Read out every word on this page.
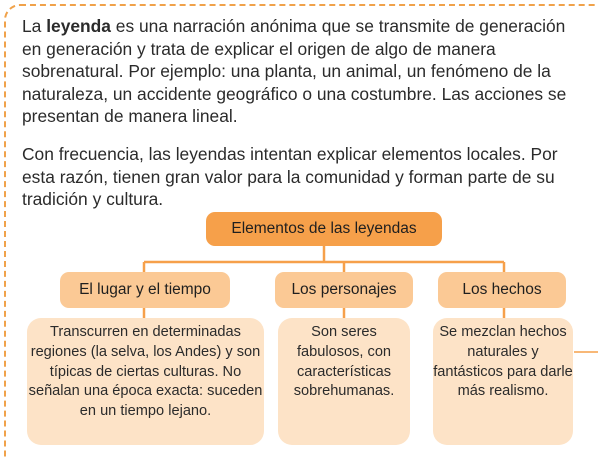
La leyenda es una narración anónima que se transmite de generación en generación y trata de explicar el origen de algo de manera sobrenatural. Por ejemplo: una planta, un animal, un fenómeno de la naturaleza, un accidente geográfico o una costumbre. Las acciones se presentan de manera lineal.

Con frecuencia, las leyendas intentan explicar elementos locales. Por esta razón, tienen gran valor para la comunidad y forman parte de su tradición y cultura.

Elementos de las leyendas
El lugar y el tiempo	Los personajes	Los hechos
Transcurren en determinadas regiones (la selva, los Andes) y son típicas de ciertas culturas. No señalan una época exacta: suceden en un tiempo lejano.
Son seres fabulosos, con características sobrehumanas.
Se mezclan hechos naturales y fantásticos para darle más realismo.
